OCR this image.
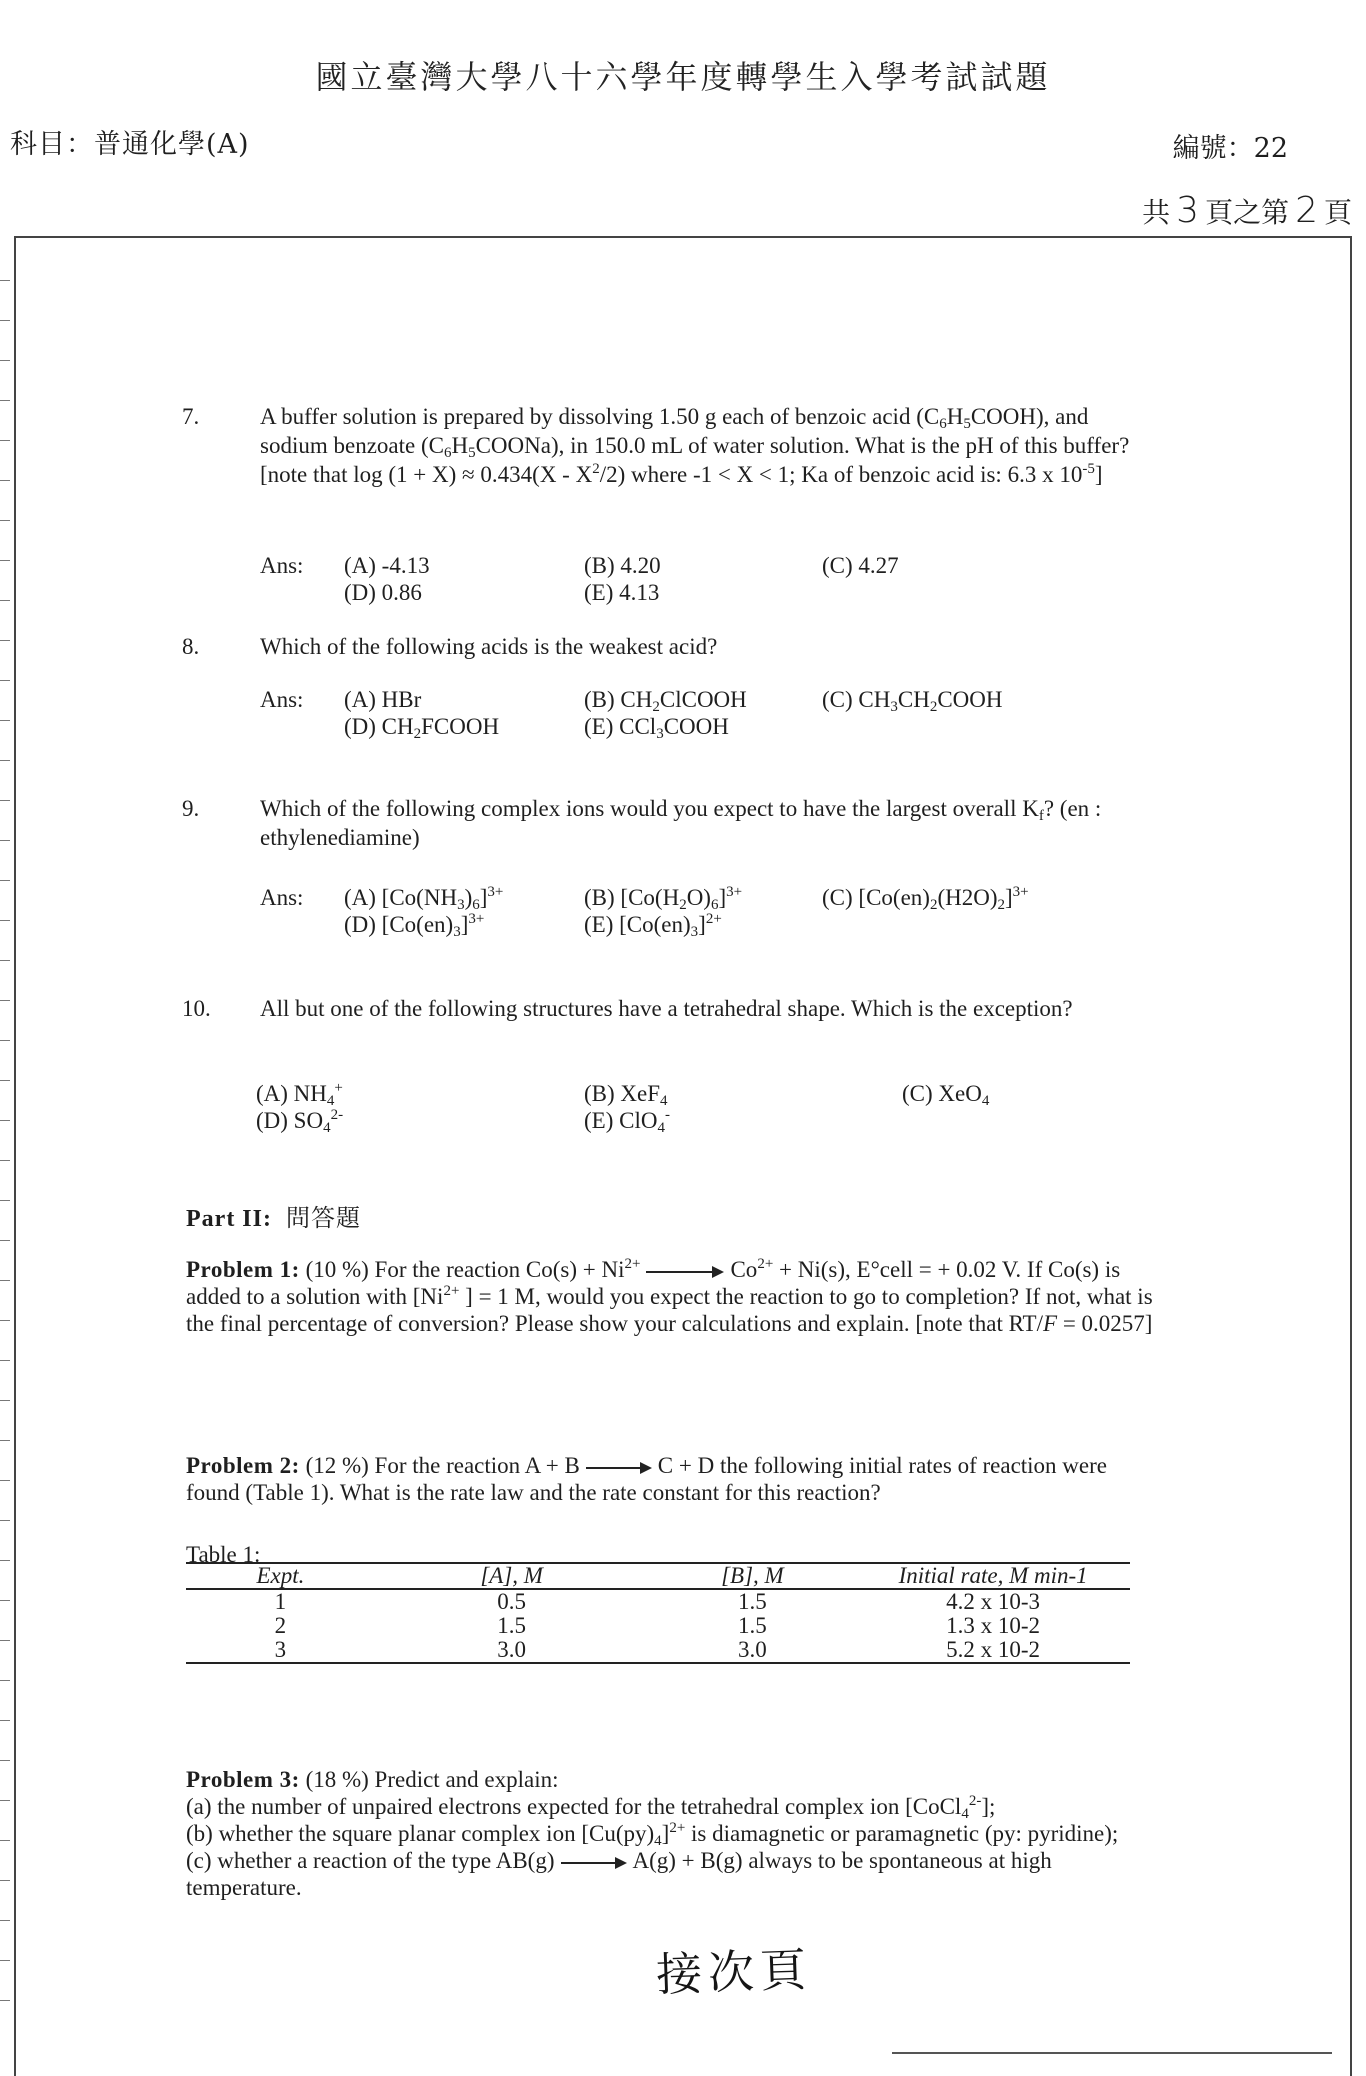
國立臺灣大學八十六學年度轉學生入學考試試題
科目：普通化學(A)	編號：22
共 3 頁之第 2 頁
7.	A buffer solution is prepared by dissolving 1.50 g each of benzoic acid $(C_6H_5COOH)$, and sodium benzoate $(C_6H_5COONa)$, in 150.0 mL of water solution. What is the pH of this buffer? [note that $\log (1 + X) \approx 0.434(X - X^2/2)$ where -1 < X < 1; Ka of benzoic acid is: 6.3 x $10^{-5}$]
Ans: (A) -4.13	(B) 4.20	(C) 4.27
(D) 0.86	(E) 4.13
8.	Which of the following acids is the weakest acid?
Ans: (A) HBr	(B) $CH_2ClCOOH$	(C) $CH_3CH_2COOH$
(D) $CH_2FCOOH$	(E) CCl$_3$COOH
9.	Which of the following complex ions would you expect to have the largest overall $K_f$? (en : ethylenediamine)
Ans: (A) $[Co(NH_3)_6]^{3+}$	(B) $[Co(H_2O)_6]^{3+}$	(C) $[Co(en)_2(H2O)_2]^{3+}$
(D) $[Co(en)_3]^{3+}$	(E) $[Co(en)_3]^{2+}$
10. All but one of the following structures have a tetrahedral shape. Which is the exception?
(A) $NH_4^+$	(B) XeF$_4$	(C) XeO$_4$
(D) $SO_4^{2-}$	(E) ClO$_4$-
Part II: 問答題
Problem 1: (10 %) For the reaction $Co(s) + Ni^{2+}$	$Co^{2+} + Ni(s)$, E°cell = + 0.02 V. If Co(s) is added to a solution with [$Ni^{2+}$ ] = 1 M, would you expect the reaction to go to completion? If not, what is the final percentage of conversion? Please show your calculations and explain. [note that RT/F = 0.0257]
Problem 2: (12 %) For the reaction A + B	C + D the following initial rates of reaction were found (Table 1). What is the rate law and the rate constant for this reaction?
Table 1:
Expt.	[A], M	[B], M	Initial rate, M min-1
1	0.5	1.5	4.2 x 10-3
2	1.5	1.5	1.3 x 10-2
3	3.0	3.0	5.2 x 10-2
Problem 3: (18 %) Predict and explain:
(a) the number of unpaired electrons expected for the tetrahedral complex ion [CoCl$_4^{2-}$];
(b) whether the square planar complex ion $[Cu(py)_4]^{2+}$ is diamagnetic or paramagnetic (py: pyridine);
(c) whether a reaction of the type AB(g)	A(g) + B(g) always to be spontaneous at high temperature.
接次頁
